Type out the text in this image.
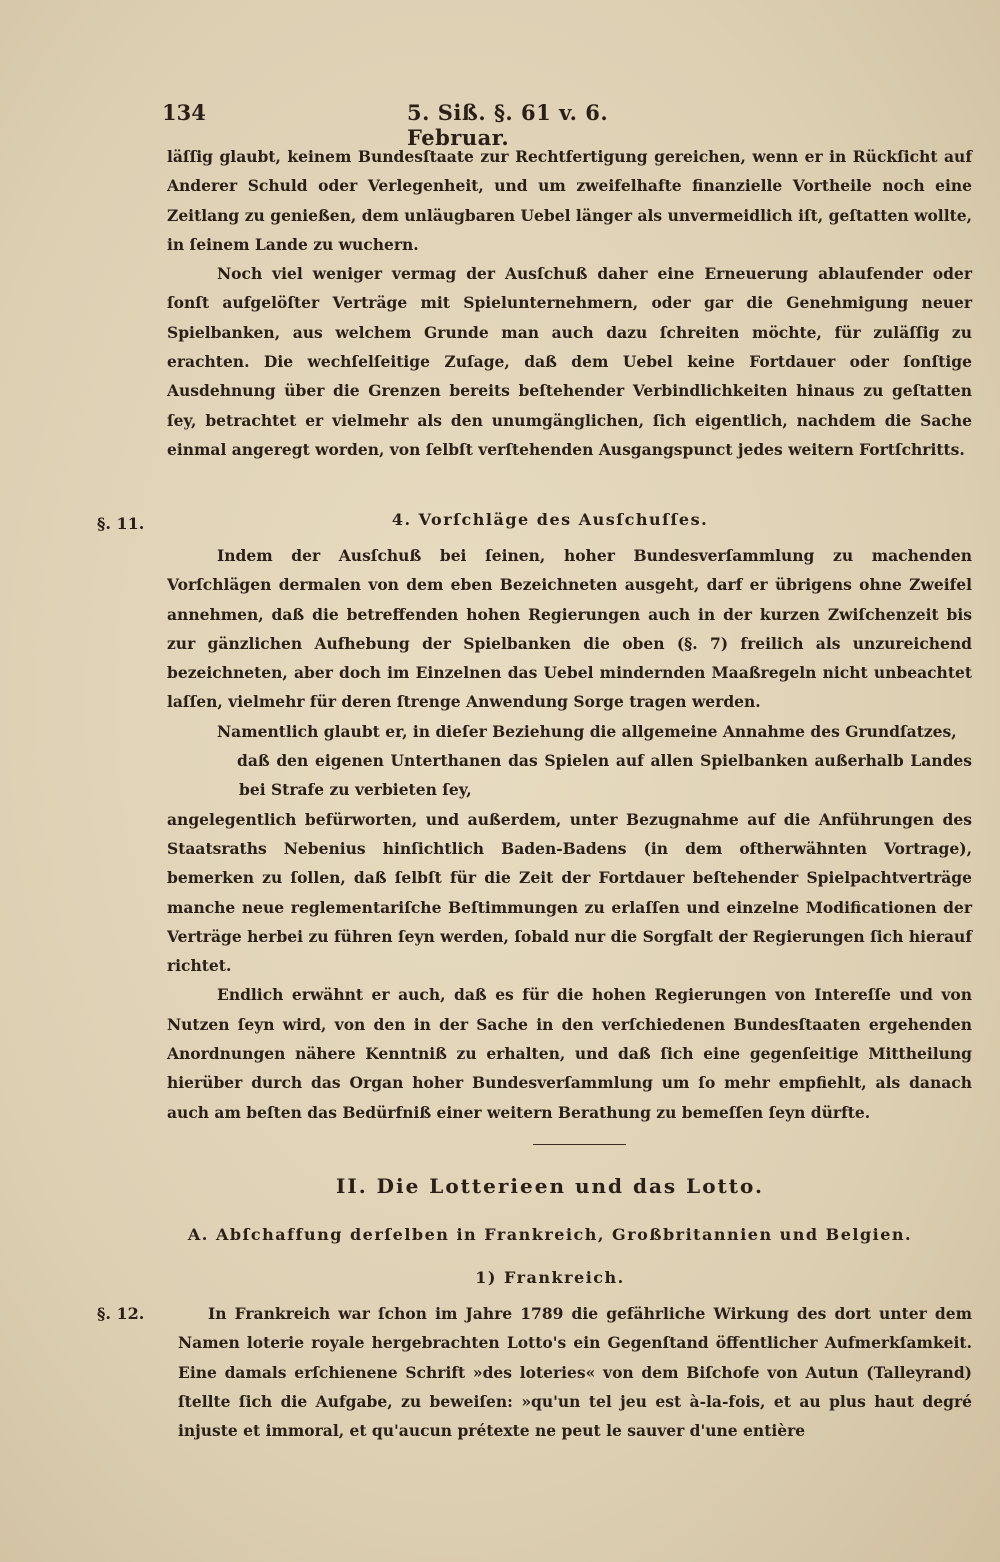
134	5. Siß. §. 61 v. 6. Februar.

läſſig glaubt, keinem Bundesſtaate zur Rechtfertigung gereichen, wenn er in Rückſicht auf Anderer Schuld oder Verlegenheit, und um zweifelhafte finanzielle Vortheile noch eine Zeitlang zu genießen, dem unläugbaren Uebel länger als unvermeidlich iſt, geſtatten wollte, in ſeinem Lande zu wuchern.

Noch viel weniger vermag der Ausſchuß daher eine Erneuerung ablaufender oder ſonſt aufgelöſter Verträge mit Spielunternehmern, oder gar die Genehmigung neuer Spielbanken, aus welchem Grunde man auch dazu ſchreiten möchte, für zuläſſig zu erachten. Die wechſelſeitige Zuſage, daß dem Uebel keine Fortdauer oder ſonſtige Ausdehnung über die Grenzen bereits beſtehender Verbindlichkeiten hinaus zu geſtatten ſey, betrachtet er vielmehr als den unumgänglichen, ſich eigentlich, nachdem die Sache einmal angeregt worden, von ſelbſt verſtehenden Ausgangspunct jedes weitern Fortſchritts.

§. 11.	4. Vorſchläge des Ausſchuſſes.

Indem der Ausſchuß bei ſeinen, hoher Bundesverſammlung zu machenden Vorſchlägen dermalen von dem eben Bezeichneten ausgeht, darf er übrigens ohne Zweifel annehmen, daß die betreffenden hohen Regierungen auch in der kurzen Zwiſchenzeit bis zur gänzlichen Aufhebung der Spielbanken die oben (§. 7) freilich als unzureichend bezeichneten, aber doch im Einzelnen das Uebel mindernden Maaßregeln nicht unbeachtet laſſen, vielmehr für deren ſtrenge Anwendung Sorge tragen werden.

Namentlich glaubt er, in dieſer Beziehung die allgemeine Annahme des Grundſatzes,

daß den eigenen Unterthanen das Spielen auf allen Spielbanken außerhalb Landes bei Strafe zu verbieten ſey,

angelegentlich befürworten, und außerdem, unter Bezugnahme auf die Anführungen des Staatsraths Nebenius hinſichtlich Baden-Badens (in dem oftherwähnten Vortrage), bemerken zu ſollen, daß ſelbſt für die Zeit der Fortdauer beſtehender Spielpachtverträge manche neue reglementariſche Beſtimmungen zu erlaſſen und einzelne Modificationen der Verträge herbei zu führen ſeyn werden, ſobald nur die Sorgfalt der Regierungen ſich hierauf richtet.

Endlich erwähnt er auch, daß es für die hohen Regierungen von Intereſſe und von Nutzen ſeyn wird, von den in der Sache in den verſchiedenen Bundesſtaaten ergehenden Anordnungen nähere Kenntniß zu erhalten, und daß ſich eine gegenſeitige Mittheilung hierüber durch das Organ hoher Bundesverſammlung um ſo mehr empfiehlt, als danach auch am beſten das Bedürfniß einer weitern Berathung zu bemeſſen ſeyn dürfte.

II. Die Lotterieen und das Lotto.
A. Abſchaffung derſelben in Frankreich, Großbritannien und Belgien.
1) Frankreich.
§. 12.	In Frankreich war ſchon im Jahre 1789 die gefährliche Wirkung des dort unter dem Namen loterie royale hergebrachten Lotto's ein Gegenſtand öffentlicher Aufmerkſamkeit. Eine damals erſchienene Schrift »des loteries« von dem Biſchofe von Autun (Talleyrand) ſtellte ſich die Aufgabe, zu beweiſen: »qu'un tel jeu est à-la-fois, et au plus haut degré injuste et immoral, et qu'aucun prétexte ne peut le sauver d'une entière
